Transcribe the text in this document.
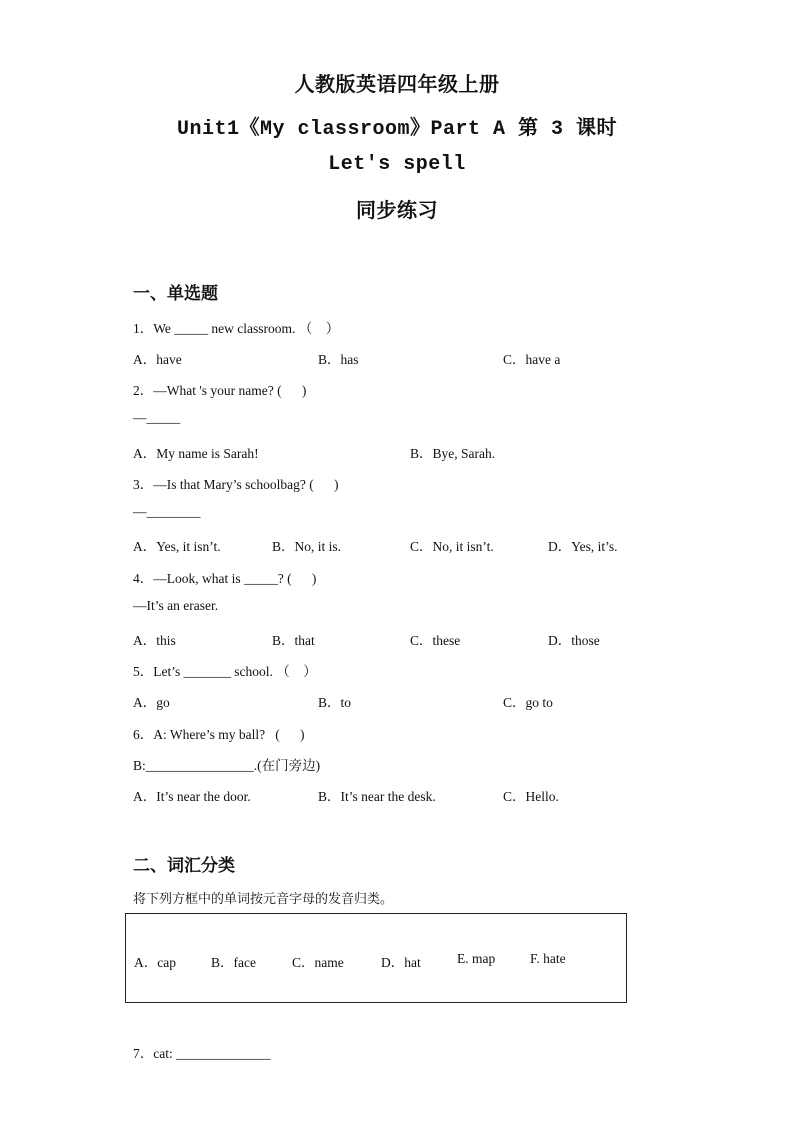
人教版英语四年级上册
Unit1《My classroom》Part A 第 3 课时
Let's spell
同步练习
一、单选题
1．We _____ new classroom. （    ）
A．have	B．has	C．have a
2．—What 's your name? (      )
—_____
A．My name is Sarah!	B．Bye, Sarah.
3．—Is that Mary’s schoolbag? (      )
—________
A．Yes, it isn’t.	B．No, it is.	C．No, it isn’t.	D．Yes, it’s.
4．—Look, what is _____? (      )
—It’s an eraser.
A．this	B．that	C．these	D．those
5．Let’s _______ school. （    ）
A．go	B．to	C．go to
6．A: Where’s my ball?   (      )
B:________________.(在门旁边)
A．It’s near the door.	B．It’s near the desk.	C．Hello.
二、词汇分类
将下列方框中的单词按元音字母的发音归类。
A．cap	B．face	C．name	D．hat	E. map	F. hate
7．cat: ______________
